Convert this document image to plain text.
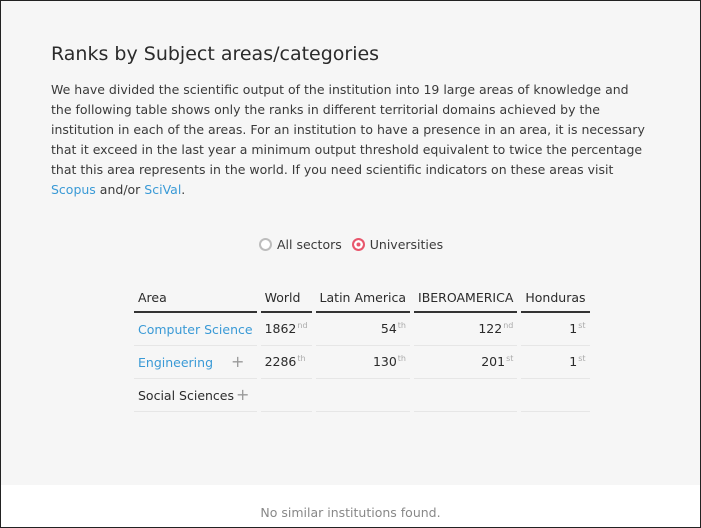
Ranks by Subject areas/categories
We have divided the scientific output of the institution into 19 large areas of knowledge and the following table shows only the ranks in different territorial domains achieved by the institution in each of the areas. For an institution to have a presence in an area, it is necessary that it exceed in the last year a minimum output threshold equivalent to twice the percentage that this area represents in the world. If you need scientific indicators on these areas visit Scopus and/or SciVal.
All sectors Universities
Area	World	Latin America	IBEROAMERICA	Honduras
Computer Science	1862nd	54th	122nd	1st
Engineering +	2286th	130th	201st	1st
Social Sciences +				
No similar institutions found.
